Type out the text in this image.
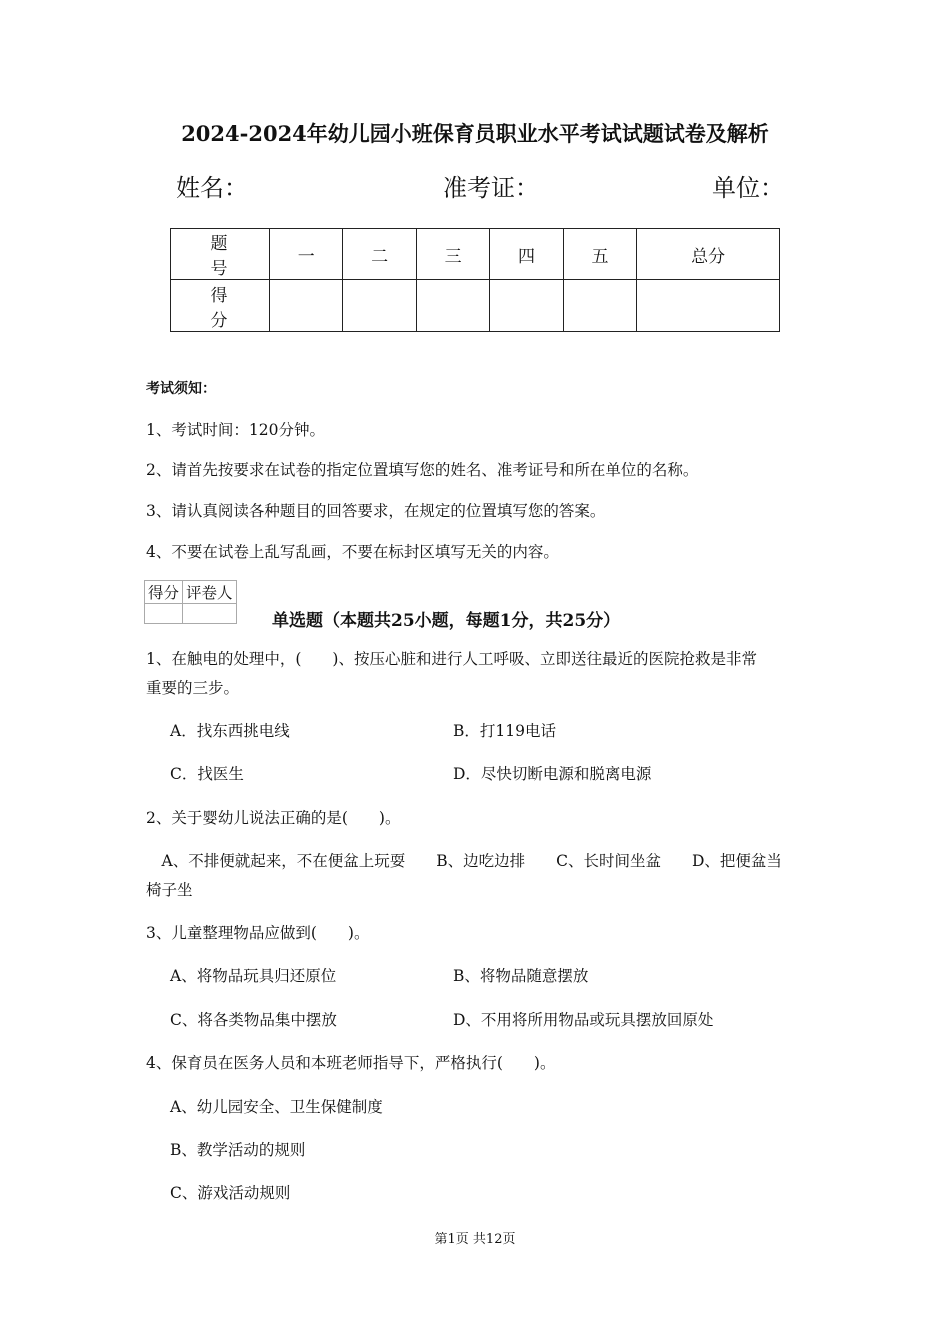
2024-2024年幼儿园小班保育员职业水平考试试题试卷及解析
姓名：	准考证：	单位：
题　号	一	二	三	四	五	总分
得　分						
考试须知：
1、考试时间：120分钟。
2、请首先按要求在试卷的指定位置填写您的姓名、准考证号和所在单位的名称。
3、请认真阅读各种题目的回答要求，在规定的位置填写您的答案。
4、不要在试卷上乱写乱画，不要在标封区填写无关的内容。
得分	评卷人

单选题（本题共25小题，每题1分，共25分）
1、在触电的处理中，(　　)、按压心脏和进行人工呼吸、立即送往最近的医院抢救是非常
重要的三步。
A．找东西挑电线	B．打119电话
C．找医生	D．尽快切断电源和脱离电源
2、关于婴幼儿说法正确的是(　　)。
　A、不排便就起来，不在便盆上玩耍　　B、边吃边排　　C、长时间坐盆　　D、把便盆当
椅子坐
3、儿童整理物品应做到(　　)。
A、将物品玩具归还原位	B、将物品随意摆放
C、将各类物品集中摆放	D、不用将所用物品或玩具摆放回原处
4、保育员在医务人员和本班老师指导下，严格执行(　　)。
A、幼儿园安全、卫生保健制度
B、教学活动的规则
C、游戏活动规则
第1页 共12页
